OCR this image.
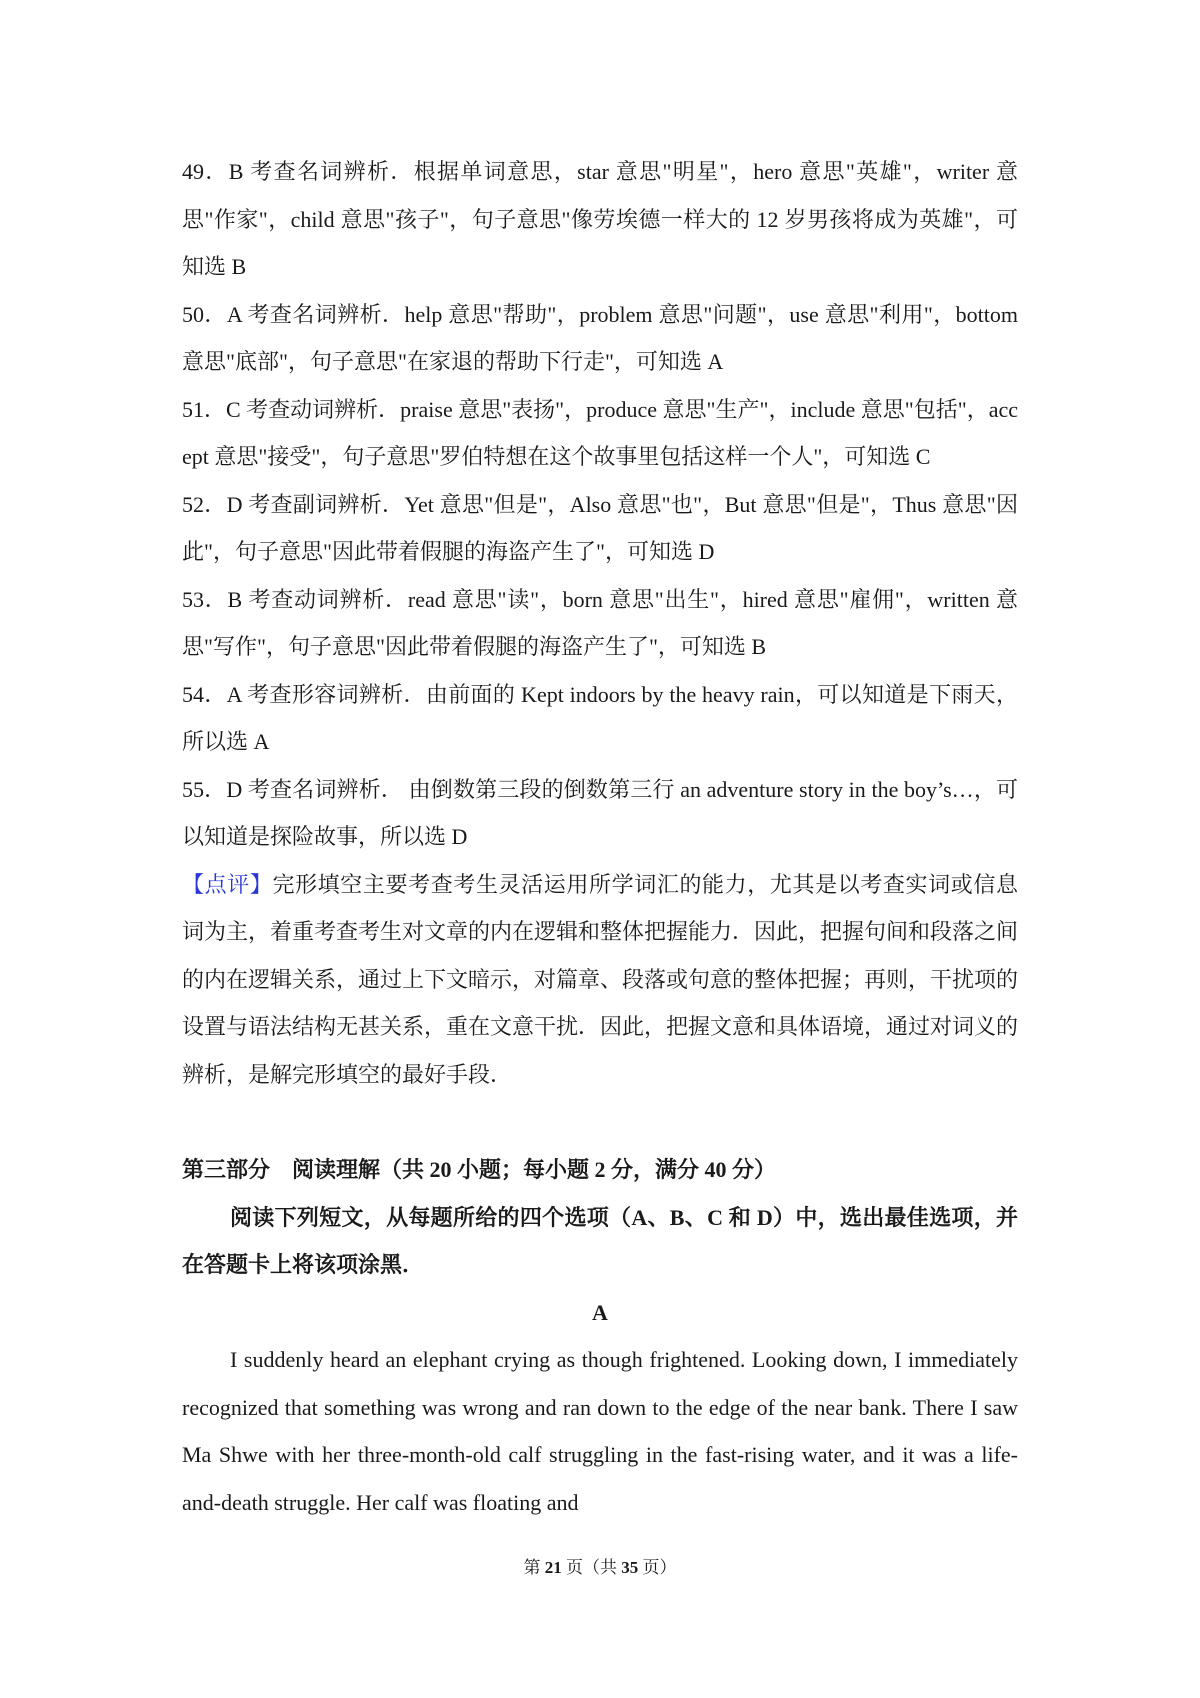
49．B 考查名词辨析．根据单词意思，star 意思"明星"，hero 意思"英雄"，writer 意思"作家"，child 意思"孩子"，句子意思"像劳埃德一样大的 12 岁男孩将成为英雄"，可知选 B

50．A 考查名词辨析．help 意思"帮助"，problem 意思"问题"，use 意思"利用"，bottom 意思"底部"，句子意思"在家退的帮助下行走"，可知选 A

51．C 考查动词辨析．praise 意思"表扬"，produce 意思"生产"，include 意思"包括"，accept 意思"接受"，句子意思"罗伯特想在这个故事里包括这样一个人"，可知选 C

52．D 考查副词辨析．Yet 意思"但是"，Also 意思"也"，But 意思"但是"，Thus 意思"因此"，句子意思"因此带着假腿的海盗产生了"，可知选 D

53．B 考查动词辨析．read 意思"读"，born 意思"出生"，hired 意思"雇佣"，written 意思"写作"，句子意思"因此带着假腿的海盗产生了"，可知选 B

54．A 考查形容词辨析．由前面的 Kept indoors by the heavy rain，可以知道是下雨天，所以选 A

55．D 考查名词辨析． 由倒数第三段的倒数第三行 an adventure story in the boy’s…，可以知道是探险故事，所以选 D

【点评】完形填空主要考查考生灵活运用所学词汇的能力，尤其是以考查实词或信息词为主，着重考查考生对文章的内在逻辑和整体把握能力．因此，把握句间和段落之间的内在逻辑关系，通过上下文暗示，对篇章、段落或句意的整体把握；再则，干扰项的设置与语法结构无甚关系，重在文意干扰．因此，把握文意和具体语境，通过对词义的辨析，是解完形填空的最好手段．

第三部分　阅读理解（共 20 小题；每小题 2 分，满分 40 分）

阅读下列短文，从每题所给的四个选项（A、B、C 和 D）中，选出最佳选项，并在答题卡上将该项涂黑．

A

I suddenly heard an elephant crying as though frightened. Looking down, I immediately recognized that something was wrong and ran down to the edge of the near bank. There I saw Ma Shwe with her three-month-old calf struggling in the fast-rising water, and it was a life-and-death struggle. Her calf was floating and

第 21 页（共 35 页）
